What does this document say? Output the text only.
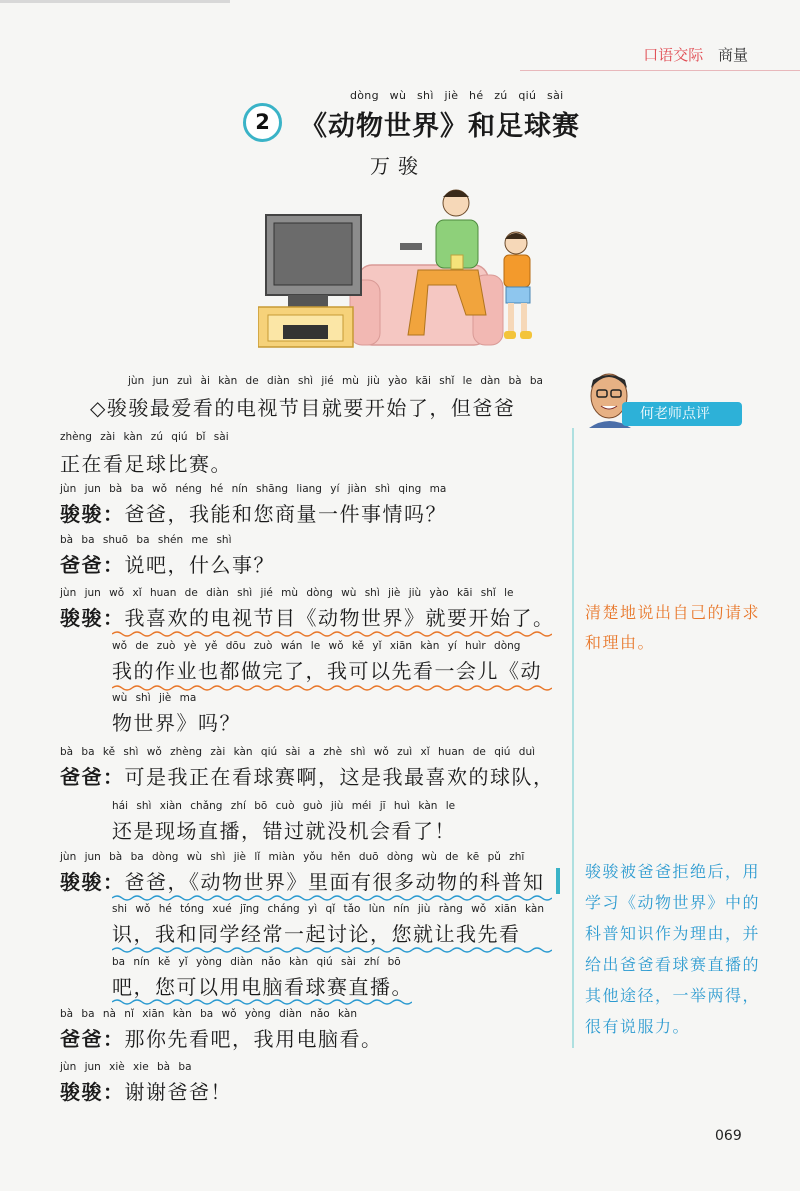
口语交际 商量
dòng wù shì jiè hé zú qiú sài
2	《动物世界》和足球赛
万骏
jùn jun zuì ài kàn de diàn shì jié mù jiù yào kāi shǐ le dàn bà ba
◇骏骏最爱看的电视节目就要开始了，但爸爸
zhèng zài kàn zú qiú bǐ sài
正在看足球比赛。
jùn jun bà ba wǒ néng hé nín shāng liang yí jiàn shì qing ma
骏骏：爸爸，我能和您商量一件事情吗？
bà ba shuō ba shén me shì
爸爸：说吧，什么事？
jùn jun wǒ xǐ huan de diàn shì jié mù dòng wù shì jiè jiù yào kāi shǐ le
骏骏：我喜欢的电视节目《动物世界》就要开始了。
wǒ de zuò yè yě dōu zuò wán le wǒ kě yǐ xiān kàn yí huìr dòng
我的作业也都做完了，我可以先看一会儿《动
wù shì jiè ma
物世界》吗？
bà ba kě shì wǒ zhèng zài kàn qiú sài a zhè shì wǒ zuì xǐ huan de qiú duì
爸爸：可是我正在看球赛啊，这是我最喜欢的球队，
hái shì xiàn chǎng zhí bō cuò guò jiù méi jī huì kàn le
还是现场直播，错过就没机会看了！
jùn jun bà ba dòng wù shì jiè lǐ miàn yǒu hěn duō dòng wù de kē pǔ zhī
骏骏：爸爸，《动物世界》里面有很多动物的科普知
shi wǒ hé tóng xué jīng cháng yì qǐ tǎo lùn nín jiù ràng wǒ xiān kàn
识，我和同学经常一起讨论，您就让我先看
ba nín kě yǐ yòng diàn nǎo kàn qiú sài zhí bō
吧，您可以用电脑看球赛直播。
bà ba nà nǐ xiān kàn ba wǒ yòng diàn nǎo kàn
爸爸：那你先看吧，我用电脑看。
jùn jun xiè xie bà ba
骏骏：谢谢爸爸！
何老师点评
清楚地说出自己的请求和理由。
骏骏被爸爸拒绝后，用学习《动物世界》中的科普知识作为理由，并给出爸爸看球赛直播的其他途径，一举两得，很有说服力。
069
